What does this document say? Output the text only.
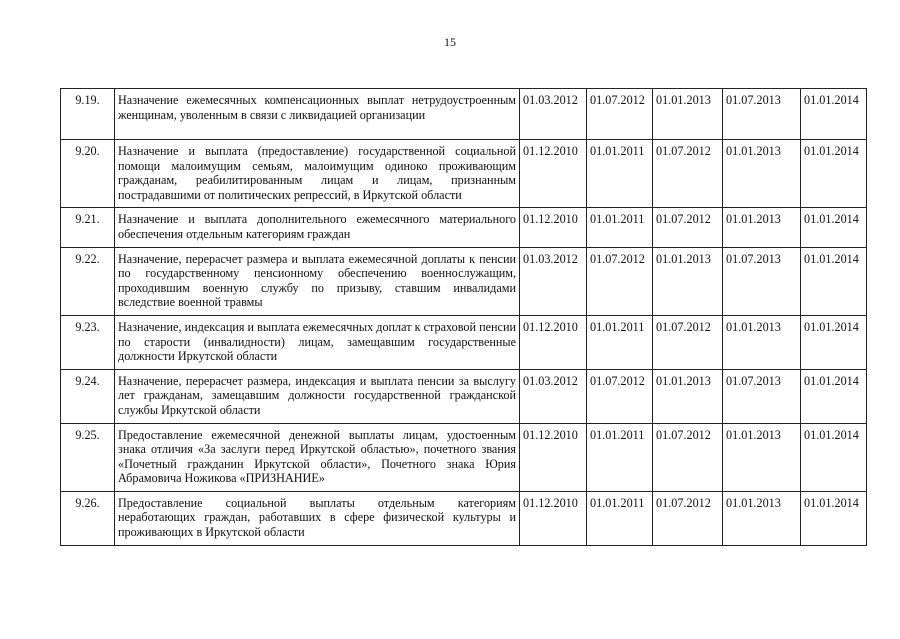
15
9.19.	Назначение ежемесячных компенсационных выплат нетрудоустроенным женщинам, уволенным в связи с ликвидацией организации	01.03.2012	01.07.2012	01.01.2013	01.07.2013	01.01.2014
9.20.	Назначение и выплата (предоставление) государственной социальной помощи малоимущим семьям, малоимущим одиноко проживающим гражданам, реабилитированным лицам и лицам, признанным пострадавшими от политических репрессий, в Иркутской области	01.12.2010	01.01.2011	01.07.2012	01.01.2013	01.01.2014
9.21.	Назначение и выплата дополнительного ежемесячного материального обеспечения отдельным категориям граждан	01.12.2010	01.01.2011	01.07.2012	01.01.2013	01.01.2014
9.22.	Назначение, перерасчет размера и выплата ежемесячной доплаты к пенсии по государственному пенсионному обеспечению военнослужащим, проходившим военную службу по призыву, ставшим инвалидами вследствие военной травмы	01.03.2012	01.07.2012	01.01.2013	01.07.2013	01.01.2014
9.23.	Назначение, индексация и выплата ежемесячных доплат к страховой пенсии по старости (инвалидности) лицам, замещавшим государственные должности Иркутской области	01.12.2010	01.01.2011	01.07.2012	01.01.2013	01.01.2014
9.24.	Назначение, перерасчет размера, индексация и выплата пенсии за выслугу лет гражданам, замещавшим должности государственной гражданской службы Иркутской области	01.03.2012	01.07.2012	01.01.2013	01.07.2013	01.01.2014
9.25.	Предоставление ежемесячной денежной выплаты лицам, удостоенным знака отличия «За заслуги перед Иркутской областью», почетного звания «Почетный гражданин Иркутской области», Почетного знака Юрия Абрамовича Ножикова «ПРИЗНАНИЕ»	01.12.2010	01.01.2011	01.07.2012	01.01.2013	01.01.2014
9.26.	Предоставление социальной выплаты отдельным категориям неработающих граждан, работавших в сфере физической культуры и проживающих в Иркутской области	01.12.2010	01.01.2011	01.07.2012	01.01.2013	01.01.2014
